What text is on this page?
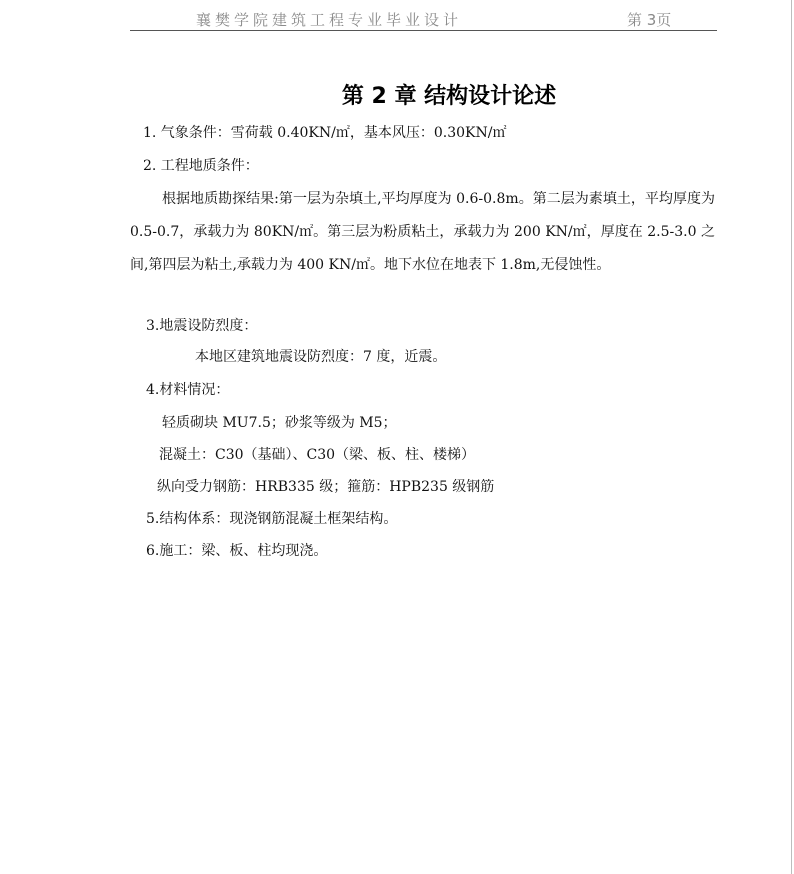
襄樊学院建筑工程专业毕业设计	第 3页
第 2 章 结构设计论述
1. 气象条件：雪荷载 0.40KN/㎡，基本风压：0.30KN/㎡
2. 工程地质条件：
根据地质勘探结果:第一层为杂填土,平均厚度为 0.6-0.8m。第二层为素填土，平均厚度为 0.5-0.7，承载力为 80KN/㎡。第三层为粉质粘土，承载力为 200 KN/㎡，厚度在 2.5-3.0 之间,第四层为粘土,承载力为 400 KN/㎡。地下水位在地表下 1.8m,无侵蚀性。
3.地震设防烈度：
本地区建筑地震设防烈度：7 度，近震。
4.材料情况：
轻质砌块 MU7.5；砂浆等级为 M5；
混凝土：C30（基础）、C30（梁、板、柱、楼梯）
纵向受力钢筋：HRB335 级；箍筋：HPB235 级钢筋
5.结构体系：现浇钢筋混凝土框架结构。
6.施工：梁、板、柱均现浇。
